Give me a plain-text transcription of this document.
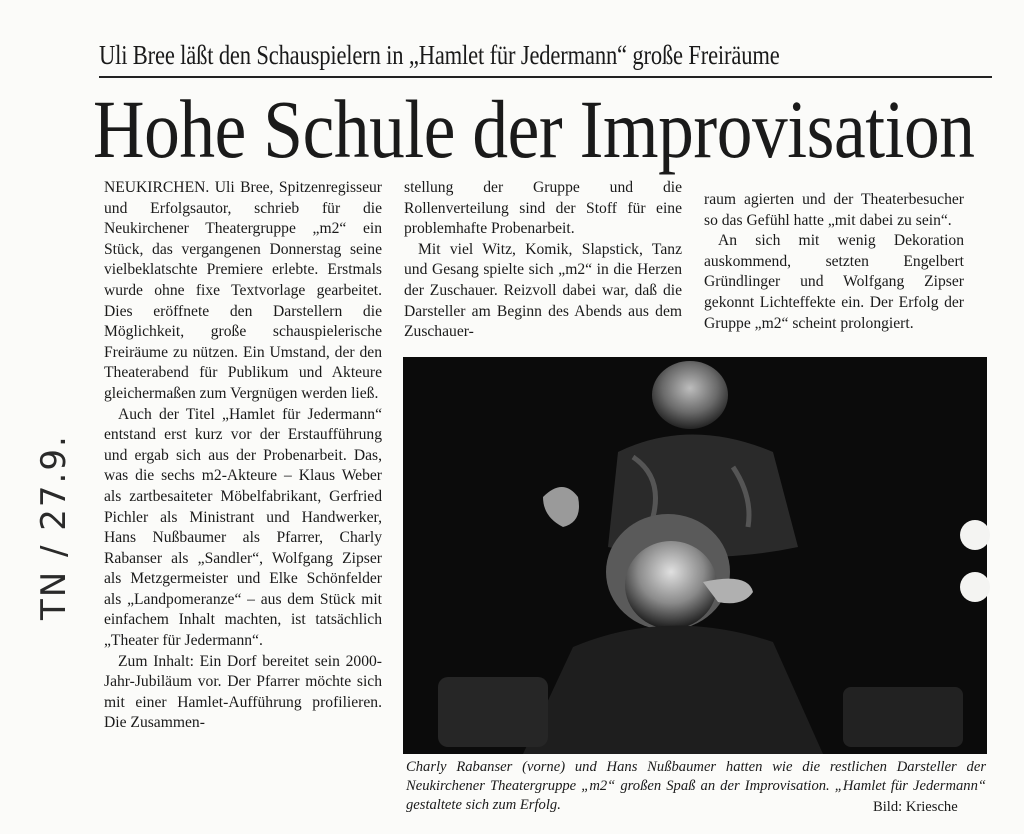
Uli Bree läßt den Schauspielern in „Hamlet für Jedermann“ große Freiräume
Hohe Schule der Improvisation

NEUKIRCHEN. Uli Bree, Spitzenregisseur und Erfolgsautor, schrieb für die Neukirchener Theatergruppe „m2“ ein Stück, das vergangenen Donnerstag seine vielbeklatschte Premiere erlebte. Erstmals wurde ohne fixe Textvorlage gearbeitet. Dies eröffnete den Darstellern die Möglichkeit, große schauspielerische Freiräume zu nützen. Ein Umstand, der den Theaterabend für Publikum und Akteure gleichermaßen zum Vergnügen werden ließ.

Auch der Titel „Hamlet für Jedermann“ entstand erst kurz vor der Erstaufführung und ergab sich aus der Probenarbeit. Das, was die sechs m2-Akteure – Klaus Weber als zartbesaiteter Möbelfabrikant, Gerfried Pichler als Ministrant und Handwerker, Hans Nußbaumer als Pfarrer, Charly Rabanser als „Sandler“, Wolfgang Zipser als Metzgermeister und Elke Schönfelder als „Landpomeranze“ – aus dem Stück mit einfachem Inhalt machten, ist tatsächlich „Theater für Jedermann“.

Zum Inhalt: Ein Dorf bereitet sein 2000-Jahr-Jubiläum vor. Der Pfarrer möchte sich mit einer Hamlet-Aufführung profilieren. Die Zusammen-

stellung der Gruppe und die Rollenverteilung sind der Stoff für eine problemhafte Probenarbeit.

Mit viel Witz, Komik, Slapstick, Tanz und Gesang spielte sich „m2“ in die Herzen der Zuschauer. Reizvoll dabei war, daß die Darsteller am Beginn des Abends aus dem Zuschauer-

raum agierten und der Theaterbesucher so das Gefühl hatte „mit dabei zu sein“.

An sich mit wenig Dekoration auskommend, setzten Engelbert Gründlinger und Wolfgang Zipser gekonnt Lichteffekte ein. Der Erfolg der Gruppe „m2“ scheint prolongiert.

Charly Rabanser (vorne) und Hans Nußbaumer hatten wie die restlichen Darsteller der Neukirchener Theatergruppe „m2“ großen Spaß an der Improvisation. „Hamlet für Jedermann“ gestaltete sich zum Erfolg.	Bild: Kriesche
TN / 27.9.
